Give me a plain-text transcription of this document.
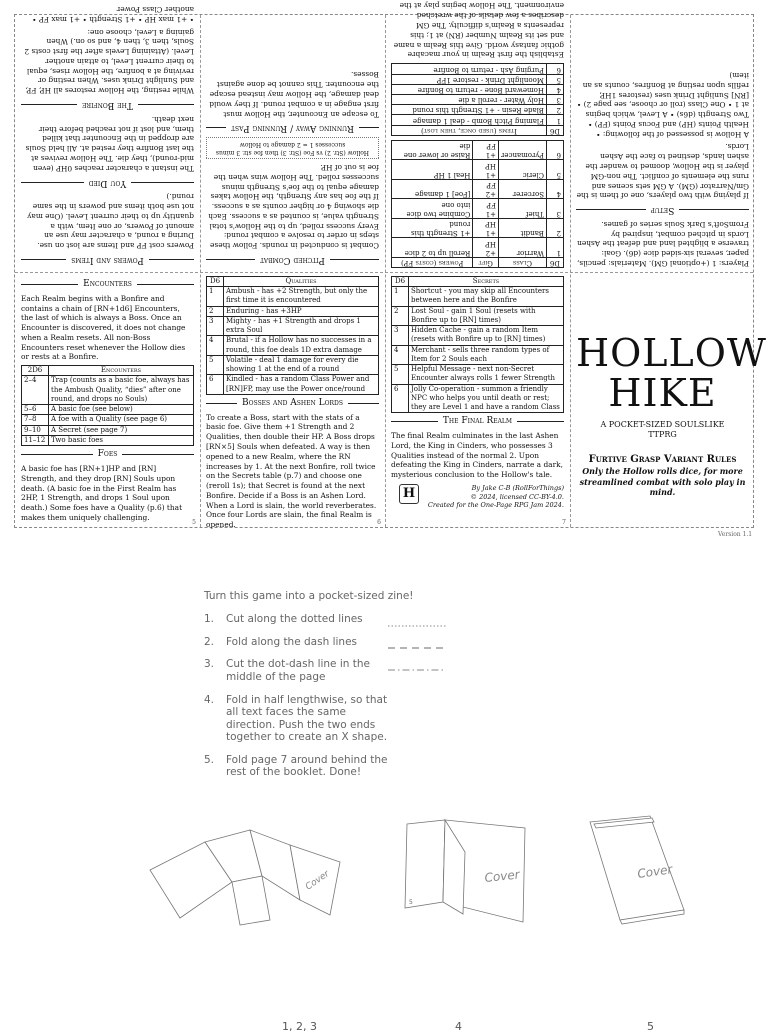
Powers and Items
Powers cost FP and Items are lost on use. During a round, a character may use an amount of Powers, or one Item, with a quantity up to their current Level. (One may not use both items and powers in the same round.)
You Died
The instant a character reaches 0HP (even mid-round), they die. The Hollow revives at the last Bonfire they rested at. All held Souls are dropped in the Encounter that killed them, and lost if not reached before their next death.
The Bonfire
While resting, the Hollow restores all HP, FP, and Sunlight Drink uses. When resting or reviving at a bonfire, the Hollow rises, equal to their current Level, to attain another Level. (Attaining Levels after the first costs 2 Souls, then 3, then 4, and so on.) When gaining a Level, choose one:
• +1 max HP • +1 Strength • +1 max FP • another Class Power
Pitched Combat
Combat is conducted in rounds. Follow these steps in order to resolve a combat round: Every success rolled, up to the Hollow's total Strength value, is counted as a success. Each die showing 4 or higher counts as a success. If the foe has any Strength, the Hollow takes damage equal to the foe's Strength minus successes rolled. The Hollow wins when the foe is out of HP.
Hollow (Str. 2) vs Foe (Str. 3) then foe str. 3 minus successes 1 = 2 damage to Hollow
Running Away / Running Past
To escape an Encounter, the Hollow must first engage in a combat round. If they would deal damage, the Hollow may instead escape the encounter. This cannot be done against Bosses.
D6	Class	Gift	Powers (costs FP)
1	Warrior	+2 HP	Reroll up to 2 dice
2	Bandit	+1 HP	+1 Strength this round
3	Thief	+1 FP	Combine two dice into one
4	Sorcerer	+2 FP	[Foe] 1 damage
5	Cleric	+1 HP	Heal 1 HP
6	Pyromancer	+1 FP	Raise or lower one die
D6	Items (used once, then lost)
1	Flaming Pitch Bomb - deal 1 damage
2	Blade Resin - +1 Strength this round
3	Holy Water - reroll a die
4	Homeward Bone - return to Bonfire
5	Moonlight Drink - restore 1FP
6	Purging Ash - return to Bonfire
Establish the first Realm in your macabre gothic fantasy world. Give this Realm a name and set its Realm Number (RN) at 1; this represents a Realm's difficulty. The GM describes a few details of the wretched environment. The Hollow begins play at the
Players: 1 (+optional GM). Materials: pencils, paper, several six-sided dice (d6). Goal: traverse a blighted land and defeat the Ashen Lords in pitched combat, inspired by FromSoft's Dark Souls series of games.
Setup
If playing with two players, one of them is the Gm/Narrator (GM). A GM sets scenes and runs the elements of conflict. The non-GM player is the Hollow, doomed to wander the ashen lands, destined to face the Ashen Lords.
A Hollow is possessed of the following: • Health Points (HP) and Focus Points (FP) • Two Strength (d6s) • A Level, which begins at 1 • One Class (roll or choose, see page 2) • [RN] Sunlight Drink uses (restores 1HP, refills upon resting at Bonfires, counts as an item)
Encounters
Each Realm begins with a Bonfire and contains a chain of [RN+1d6] Encounters, the last of which is always a Boss. Once an Encounter is discovered, it does not change when a Realm resets. All non-Boss Encounters reset whenever the Hollow dies or rests at a Bonfire.
2D6	Encounters
2–4	Trap (counts as a basic foe, always has the Ambush Quality, “dies” after one round, and drops no Souls)
5–6	A basic foe (see below)
7–8	A foe with a Quality (see page 6)
9–10	A Secret (see page 7)
11–12	Two basic foes
Foes
A basic foe has [RN+1]HP and [RN] Strength, and they drop [RN] Souls upon death. (A basic foe in the First Realm has 2HP, 1 Strength, and drops 1 Soul upon death.) Some foes have a Quality (p.6) that makes them uniquely challenging.
5
D6	Qualities
1	Ambush - has +2 Strength, but only the first time it is encountered
2	Enduring - has +3HP
3	Mighty - has +1 Strength and drops 1 extra Soul
4	Brutal - if a Hollow has no successes in a round, this foe deals 1D extra damage
5	Volatile - deal 1 damage for every die showing 1 at the end of a round
6	Kindled - has a random Class Power and [RN]FP, may use the Power once/round
Bosses and Ashen Lords
To create a Boss, start with the stats of a basic foe. Give them +1 Strength and 2 Qualities, then double their HP. A Boss drops [RN×5] Souls when defeated. A way is then opened to a new Realm, where the RN increases by 1. At the next Bonfire, roll twice on the Secrets table (p.7) and choose one (reroll 1s); that Secret is found at the next Bonfire. Decide if a Boss is an Ashen Lord. When a Lord is slain, the world reverberates. Once four Lords are slain, the final Realm is opened.	6
D6	Secrets
1	Shortcut - you may skip all Encounters between here and the Bonfire
2	Lost Soul - gain 1 Soul (resets with Bonfire up to [RN] times)
3	Hidden Cache - gain a random Item (resets with Bonfire up to [RN] times)
4	Merchant - sells three random types of Item for 2 Souls each
5	Helpful Message - next non-Secret Encounter always rolls 1 fewer Strength
6	Jolly Co-operation - summon a friendly NPC who helps you until death or rest; they are Level 1 and have a random Class
The Final Realm
The final Realm culminates in the last Ashen Lord, the King in Cinders, who possesses 3 Qualities instead of the normal 2. Upon defeating the King in Cinders, narrate a dark, mysterious conclusion to the Hollow's tale.
H	By Jake C-B (RollForThings)
© 2024, licensed CC-BY-4.0.
Created for the One-Page RPG Jam 2024.
7
HOLLOW
HIKE
A POCKET-SIZED SOULSLIKE
TTPRG
Furtive Grasp Variant Rules
Only the Hollow rolls dice, for more streamlined combat with solo play in mind.
Version 1.1
Turn this game into a pocket-sized zine!
1.	Cut along the dotted lines
2.	Fold along the dash lines
3.	Cut the dot-dash line in the middle of the page
4.	Fold in half lengthwise, so that all text faces the same direction. Push the two ends together to create an X shape.
5.	Fold page 7 around behind the rest of the booklet. Done!
Cover
1, 2, 3
5
Cover
4
Cover
5
